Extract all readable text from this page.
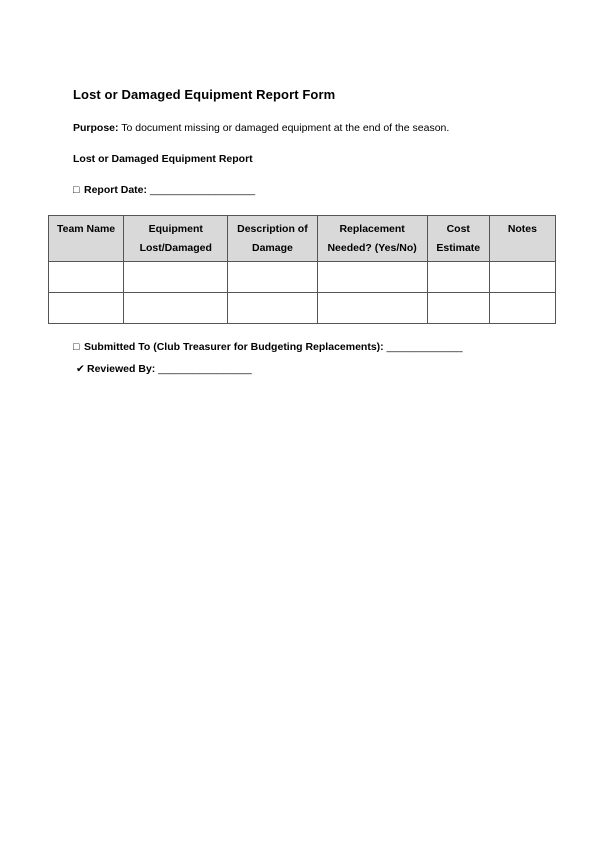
Lost or Damaged Equipment Report Form
Purpose: To document missing or damaged equipment at the end of the season.
Lost or Damaged Equipment Report
□ Report Date: __________________
Team Name	Equipment Lost/Damaged	Description of Damage	Replacement Needed? (Yes/No)	Cost Estimate	Notes

□ Submitted To (Club Treasurer for Budgeting Replacements): _____________
✔ Reviewed By: ________________
